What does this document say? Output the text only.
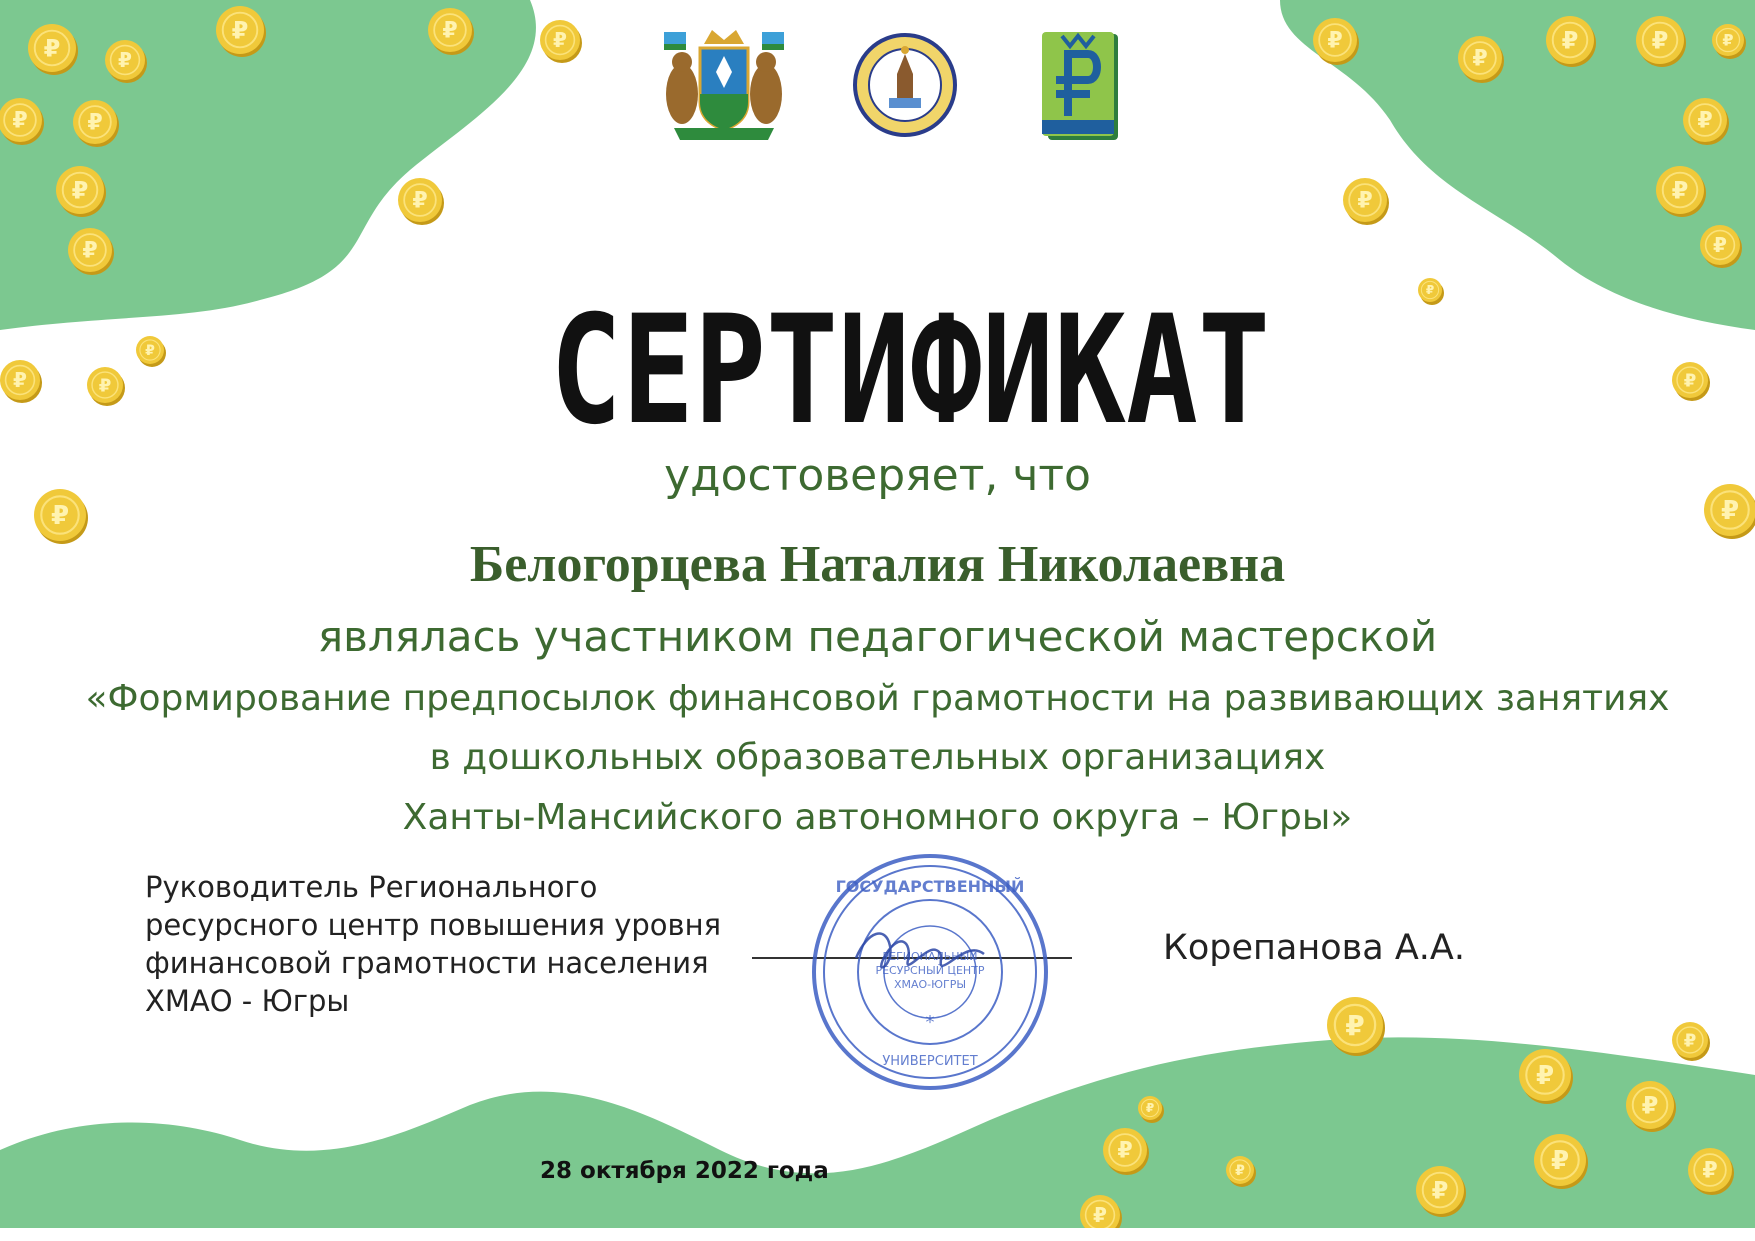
₽	₽
₽	₽
₽	₽	₽
₽
₽
₽
₽	₽
₽
₽
₽
₽
₽	₽
₽
₽
₽	₽
₽
₽
₽
₽
₽
₽
₽
₽
₽
₽
₽
₽
₽
₽
₽
СЕРТИФИКАТ

удостоверяет, что

Белогорцева Наталия Николаевна

являлась участником педагогической мастерской

«Формирование предпосылок финансовой грамотности на развивающих занятиях

в дошкольных образовательных организациях

Ханты-Мансийского автономного округа – Югры»

Руководитель Регионального
ресурсного центр повышения уровня
финансовой грамотности населения
ХМАО - Югры
ГОСУДАРСТВЕННЫЙ
УНИВЕРСИТЕТ
РЕГИОНАЛЬНЫЙ
РЕСУРСНЫЙ ЦЕНТР
ХМАО-ЮГРЫ
*
Корепанова А.А.
28 октября 2022 года
